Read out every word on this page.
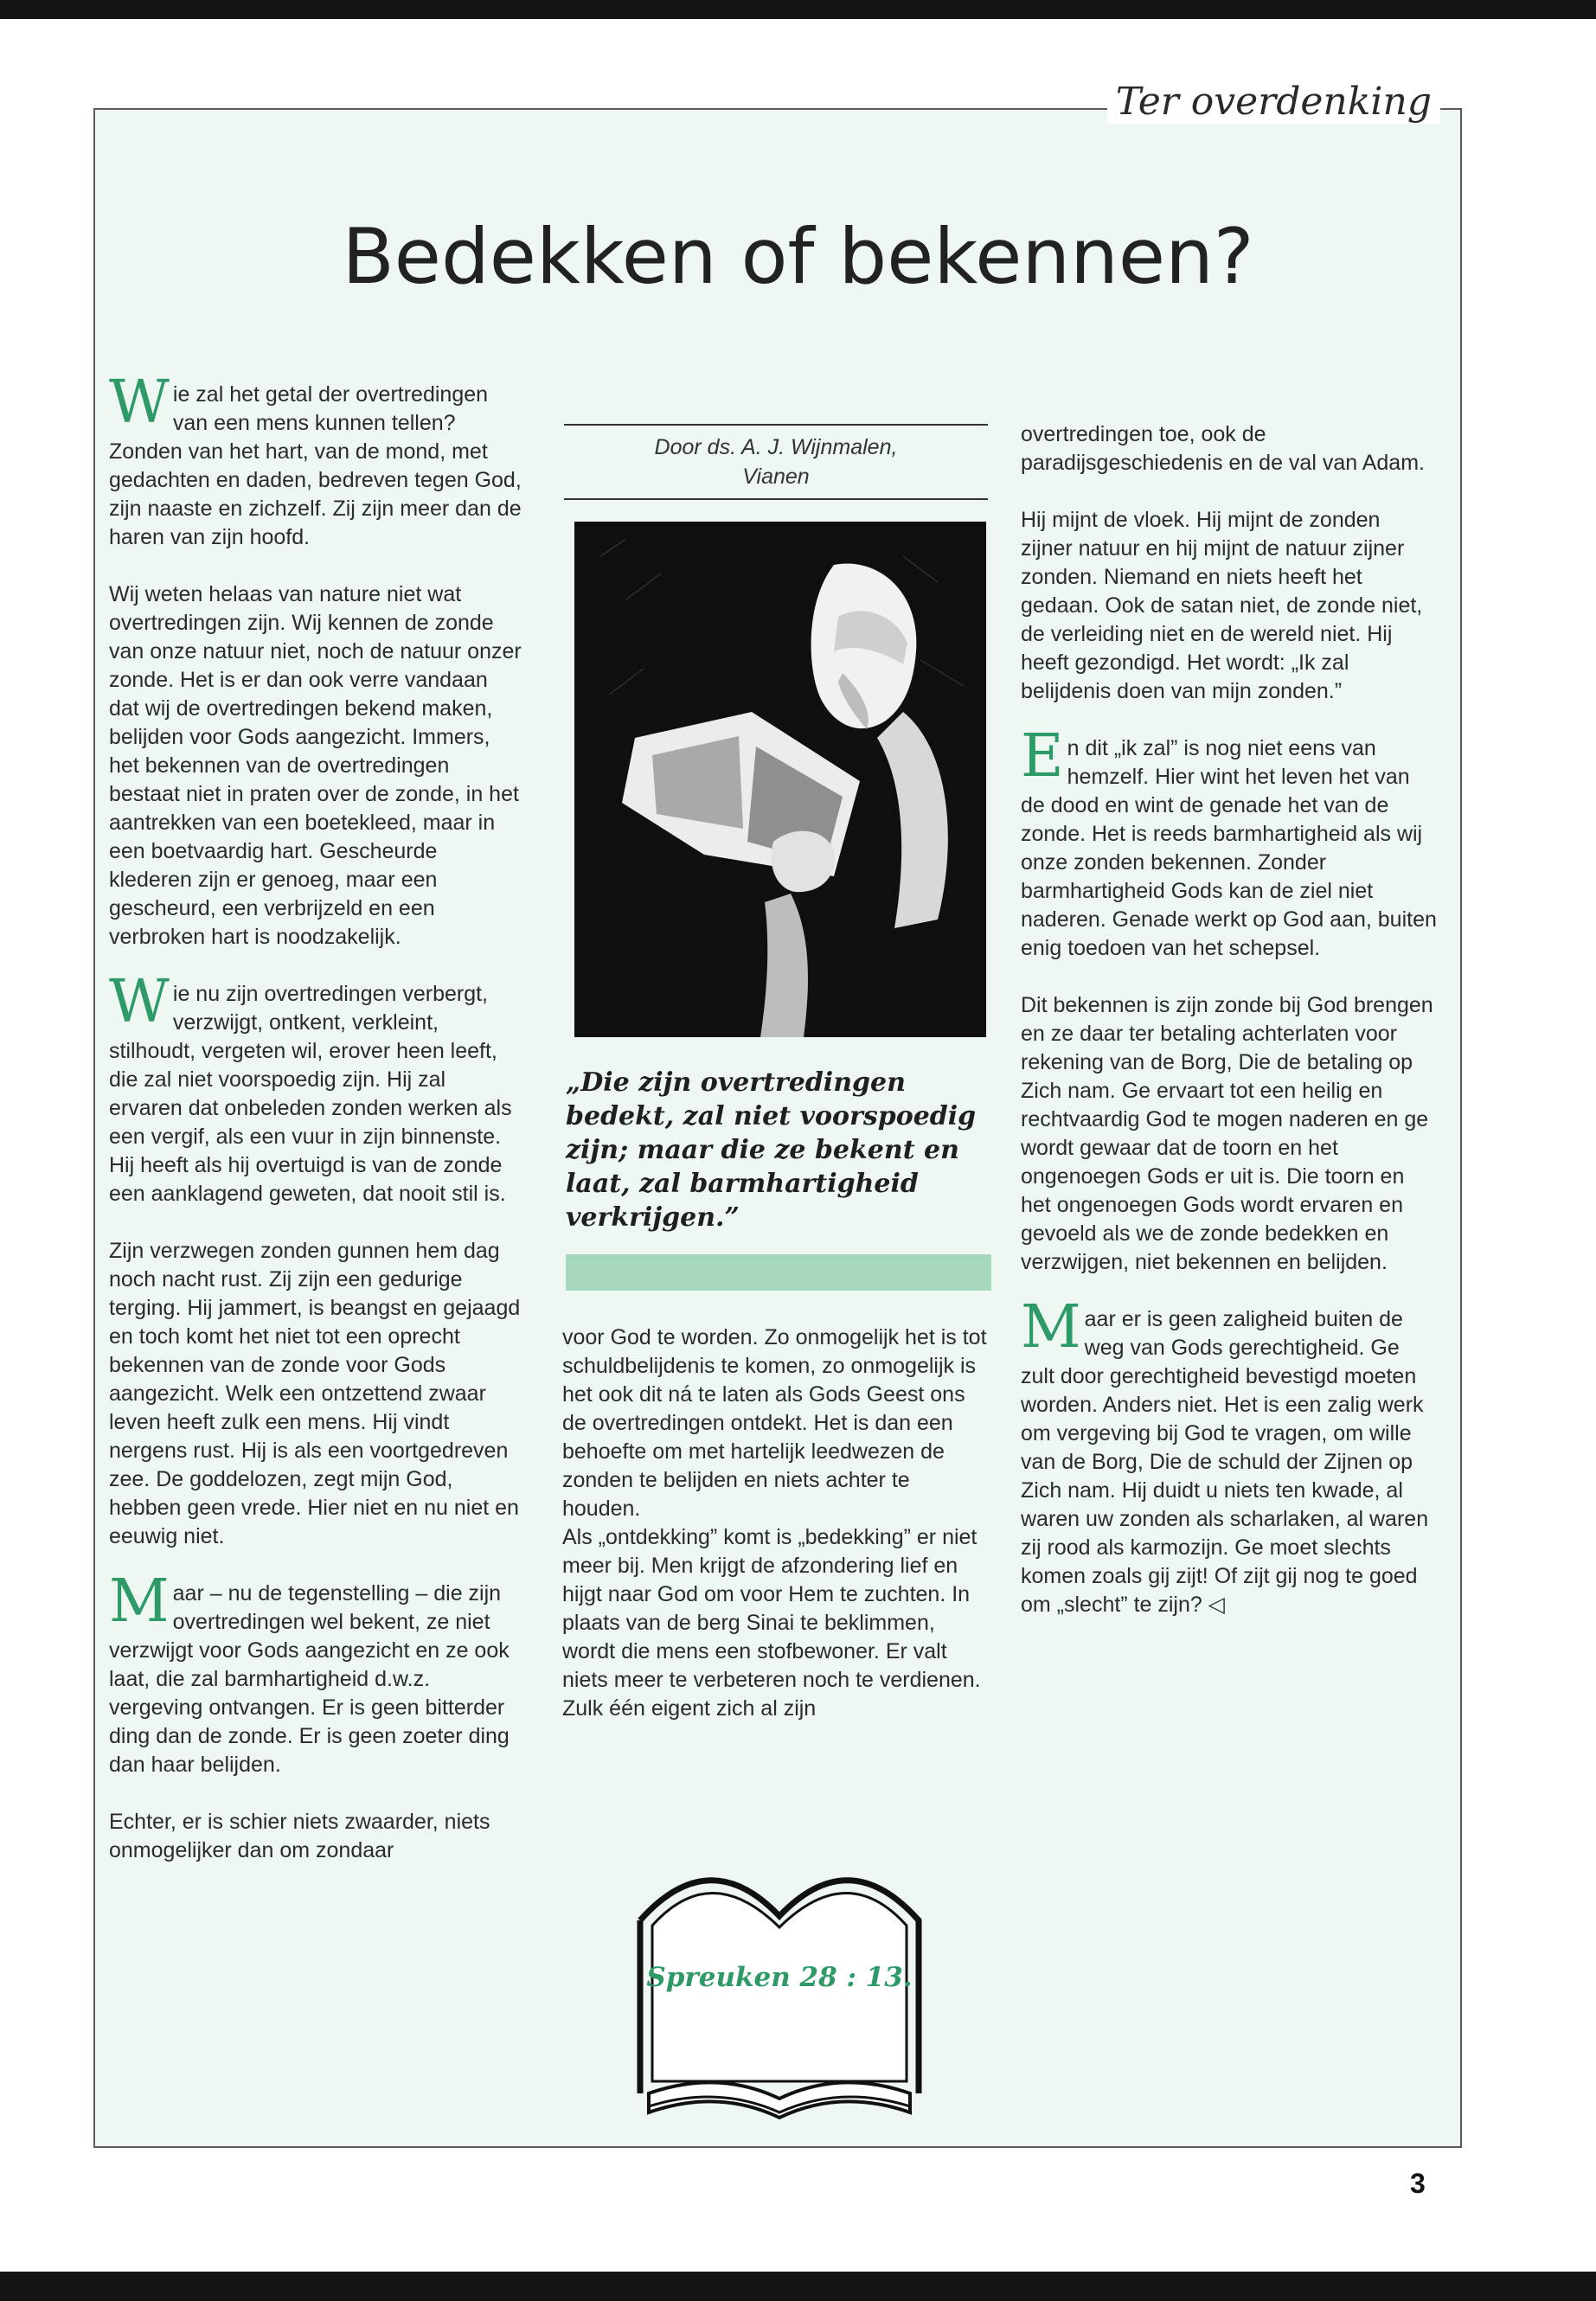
Ter overdenking
Bedekken of bekennen?

Wie zal het getal der overtredingen van een mens kunnen tellen? Zonden van het hart, van de mond, met gedachten en daden, bedreven tegen God, zijn naaste en zichzelf. Zij zijn meer dan de haren van zijn hoofd.

Wij weten helaas van nature niet wat overtredingen zijn. Wij kennen de zonde van onze natuur niet, noch de natuur onzer zonde. Het is er dan ook verre vandaan dat wij de overtredingen bekend maken, belijden voor Gods aangezicht. Immers, het bekennen van de overtredingen bestaat niet in praten over de zonde, in het aantrekken van een boetekleed, maar in een boetvaardig hart. Gescheurde klederen zijn er genoeg, maar een gescheurd, een verbrijzeld en een verbroken hart is noodzakelijk.

Wie nu zijn overtredingen verbergt, verzwijgt, ontkent, verkleint, stilhoudt, vergeten wil, erover heen leeft, die zal niet voorspoedig zijn. Hij zal ervaren dat onbeleden zonden werken als een vergif, als een vuur in zijn binnenste. Hij heeft als hij overtuigd is van de zonde een aanklagend geweten, dat nooit stil is.

Zijn verzwegen zonden gunnen hem dag noch nacht rust. Zij zijn een gedurige terging. Hij jammert, is beangst en gejaagd en toch komt het niet tot een oprecht bekennen van de zonde voor Gods aangezicht. Welk een ontzettend zwaar leven heeft zulk een mens. Hij vindt nergens rust. Hij is als een voortgedreven zee. De goddelozen, zegt mijn God, hebben geen vrede. Hier niet en nu niet en eeuwig niet.

Maar – nu de tegenstelling – die zijn overtredingen wel bekent, ze niet verzwijgt voor Gods aangezicht en ze ook laat, die zal barmhartigheid d.w.z. vergeving ontvangen. Er is geen bitterder ding dan de zonde. Er is geen zoeter ding dan haar belijden.

Echter, er is schier niets zwaarder, niets onmogelijker dan om zondaar

Door ds. A. J. Wijnmalen,
Vianen
„Die zijn overtredingen bedekt, zal niet voorspoedig zijn; maar die ze bekent en laat, zal barmhartigheid verkrijgen.”

voor God te worden. Zo onmogelijk het is tot schuldbelijdenis te komen, zo onmogelijk is het ook dit ná te laten als Gods Geest ons de overtredingen ontdekt. Het is dan een behoefte om met hartelijk leedwezen de zonden te belijden en niets achter te houden.

Als „ontdekking” komt is „bedekking” er niet meer bij. Men krijgt de afzondering lief en hijgt naar God om voor Hem te zuchten. In plaats van de berg Sinai te beklimmen, wordt die mens een stofbewoner. Er valt niets meer te verbeteren noch te verdienen. Zulk één eigent zich al zijn

Spreuken 28 : 13.

overtredingen toe, ook de paradijsgeschiedenis en de val van Adam.

Hij mijnt de vloek. Hij mijnt de zonden zijner natuur en hij mijnt de natuur zijner zonden. Niemand en niets heeft het gedaan. Ook de satan niet, de zonde niet, de verleiding niet en de wereld niet. Hij heeft gezondigd. Het wordt: „Ik zal belijdenis doen van mijn zonden.”

En dit „ik zal” is nog niet eens van hemzelf. Hier wint het leven het van de dood en wint de genade het van de zonde. Het is reeds barmhartigheid als wij onze zonden bekennen. Zonder barmhartigheid Gods kan de ziel niet naderen. Genade werkt op God aan, buiten enig toedoen van het schepsel.

Dit bekennen is zijn zonde bij God brengen en ze daar ter betaling achterlaten voor rekening van de Borg, Die de betaling op Zich nam. Ge ervaart tot een heilig en rechtvaardig God te mogen naderen en ge wordt gewaar dat de toorn en het ongenoegen Gods er uit is. Die toorn en het ongenoegen Gods wordt ervaren en gevoeld als we de zonde bedekken en verzwijgen, niet bekennen en belijden.

Maar er is geen zaligheid buiten de weg van Gods gerechtigheid. Ge zult door gerechtigheid bevestigd moeten worden. Anders niet. Het is een zalig werk om vergeving bij God te vragen, om wille van de Borg, Die de schuld der Zijnen op Zich nam. Hij duidt u niets ten kwade, al waren uw zonden als scharlaken, al waren zij rood als karmozijn. Ge moet slechts komen zoals gij zijt! Of zijt gij nog te goed om „slecht” te zijn? ◁

3
